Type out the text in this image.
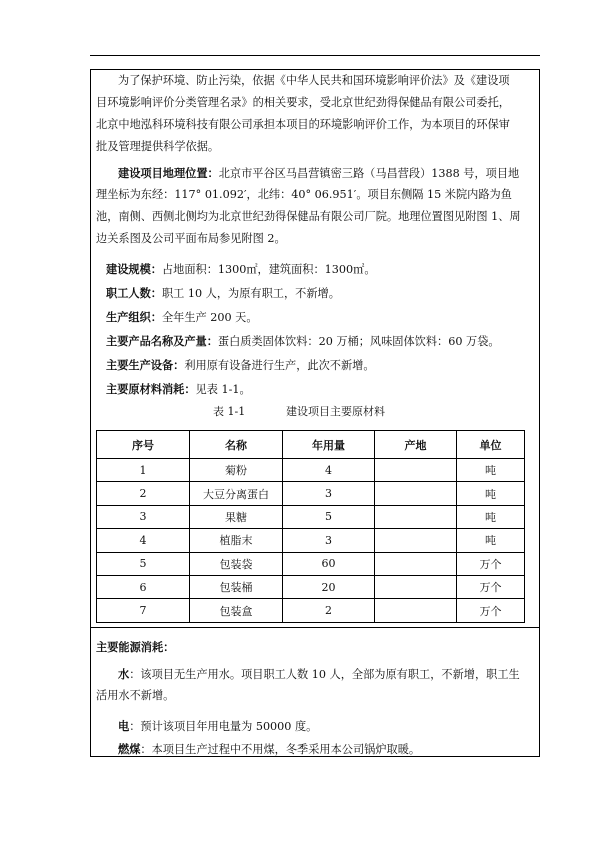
为了保护环境、防止污染，依据《中华人民共和国环境影响评价法》及《建设项
目环境影响评价分类管理名录》的相关要求，受北京世纪劲得保健品有限公司委托，
北京中地泓科环境科技有限公司承担本项目的环境影响评价工作，为本项目的环保审
批及管理提供科学依据。
建设项目地理位置：北京市平谷区马昌营镇密三路（马昌营段）1388 号，项目地
理坐标为东经：117° 01.092′，北纬：40° 06.951′。项目东侧隔 15 米院内路为鱼
池，南侧、西侧北侧均为北京世纪劲得保健品有限公司厂院。地理位置图见附图 1、周
边关系图及公司平面布局参见附图 2。
建设规模：占地面积：1300㎡，建筑面积：1300㎡。
职工人数：职工 10 人，为原有职工，不新增。
生产组织：全年生产 200 天。
主要产品名称及产量：蛋白质类固体饮料：20 万桶；风味固体饮料：60 万袋。
主要生产设备：利用原有设备进行生产，此次不新增。
主要原材料消耗：见表 1-1。
表 1-1	建设项目主要原材料
序号	名称	年用量	产地	单位
1	菊粉	4		吨
2	大豆分离蛋白	3		吨
3	果糖	5		吨
4	植脂末	3		吨
5	包装袋	60		万个
6	包装桶	20		万个
7	包装盒	2		万个
主要能源消耗：
水：该项目无生产用水。项目职工人数 10 人，全部为原有职工，不新增，职工生
活用水不新增。
电：预计该项目年用电量为 50000 度。
燃煤：本项目生产过程中不用煤，冬季采用本公司锅炉取暖。
